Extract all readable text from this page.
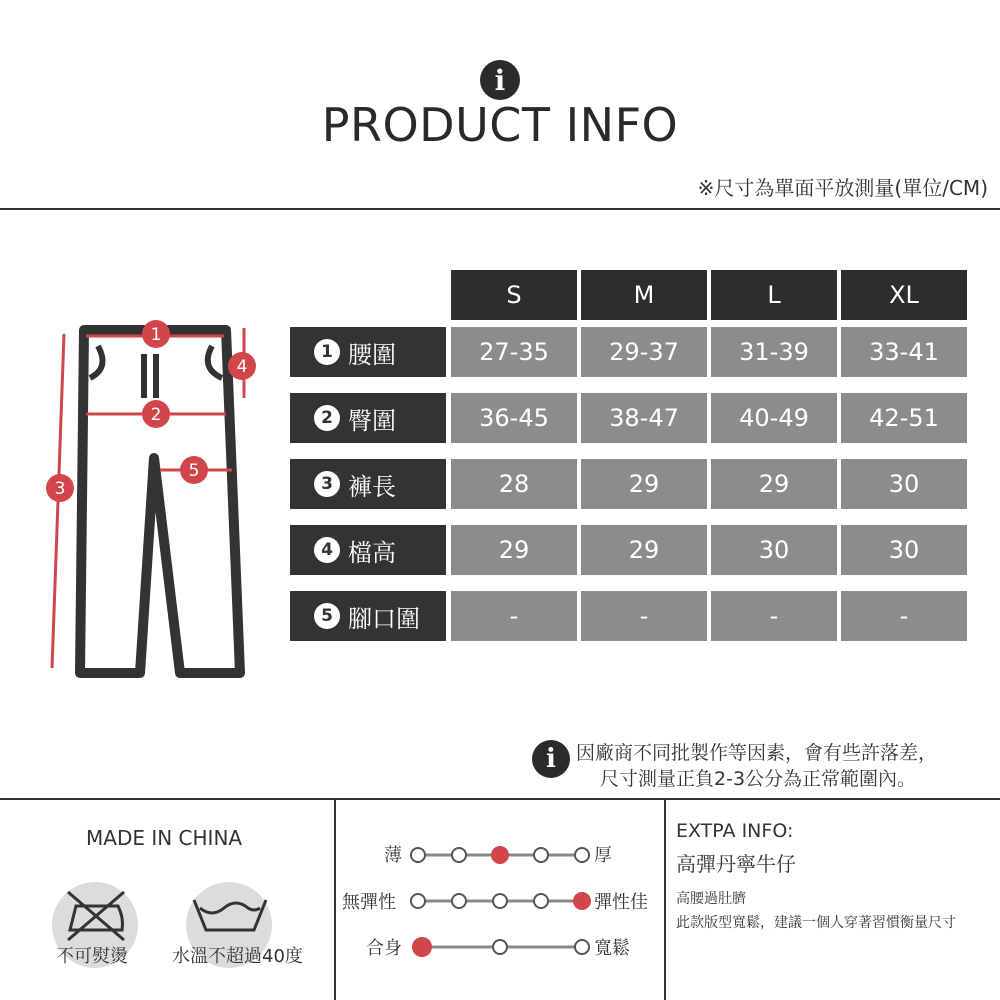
i
PRODUCT INFO
※尺寸為單面平放測量(單位/CM)
1
2
3
4
5
S	M	L	XL
1 腰圍	27-35	29-37	31-39	33-41
2 臀圍	36-45	38-47	40-49	42-51
3 褲長	28	29	29	30
4 檔高	29	29	30	30
5 腳口圍	-	-	-	-
i 因廠商不同批製作等因素，會有些許落差，
尺寸測量正負2-3公分為正常範圍內。
MADE IN CHINA
不可熨燙 水溫不超過40度
薄	厚
無彈性	彈性佳
合身	寬鬆
EXTPA INFO:
高彈丹寧牛仔
高腰過肚臍
此款版型寬鬆，建議一個人穿著習慣衡量尺寸
